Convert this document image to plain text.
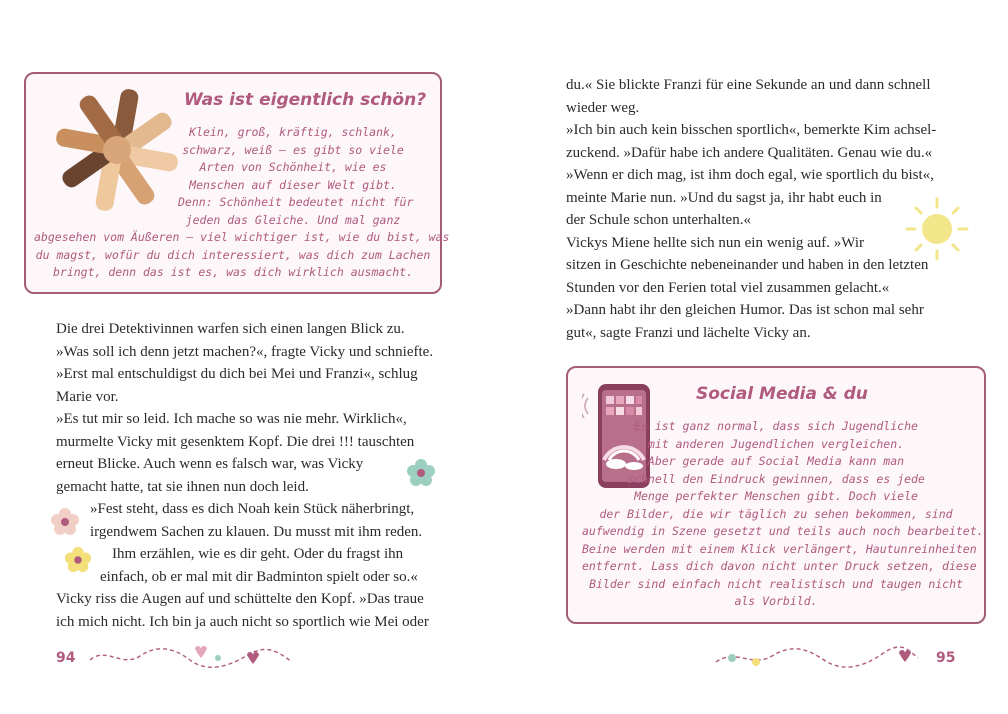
Was ist eigentlich schön?
Klein, groß, kräftig, schlank,
schwarz, weiß – es gibt so viele
Arten von Schönheit, wie es
Menschen auf dieser Welt gibt.
Denn: Schönheit bedeutet nicht für
jeden das Gleiche. Und mal ganz
abgesehen vom Äußeren – viel wichtiger ist, wie du bist, was
du magst, wofür du dich interessiert, was dich zum Lachen
bringt, denn das ist es, was dich wirklich ausmacht.
Die drei Detektivinnen warfen sich einen langen Blick zu.
»Was soll ich denn jetzt machen?«, fragte Vicky und schniefte.
»Erst mal entschuldigst du dich bei Mei und Franzi«, schlug
Marie vor.
»Es tut mir so leid. Ich mache so was nie mehr. Wirklich«,
murmelte Vicky mit gesenktem Kopf. Die drei !!! tauschten
erneut Blicke. Auch wenn es falsch war, was Vicky
gemacht hatte, tat sie ihnen nun doch leid.
»Fest steht, dass es dich Noah kein Stück näherbringt,
irgendwem Sachen zu klauen. Du musst mit ihm reden.
Ihm erzählen, wie es dir geht. Oder du fragst ihn
einfach, ob er mal mit dir Badminton spielt oder so.«
Vicky riss die Augen auf und schüttelte den Kopf. »Das traue
ich mich nicht. Ich bin ja auch nicht so sportlich wie Mei oder
94
du.« Sie blickte Franzi für eine Sekunde an und dann schnell
wieder weg.
»Ich bin auch kein bisschen sportlich«, bemerkte Kim achsel-
zuckend. »Dafür habe ich andere Qualitäten. Genau wie du.«
»Wenn er dich mag, ist ihm doch egal, wie sportlich du bist«,
meinte Marie nun. »Und du sagst ja, ihr habt euch in
der Schule schon unterhalten.«
Vickys Miene hellte sich nun ein wenig auf. »Wir
sitzen in Geschichte nebeneinander und haben in den letzten
Stunden vor den Ferien total viel zusammen gelacht.«
»Dann habt ihr den gleichen Humor. Das ist schon mal sehr
gut«, sagte Franzi und lächelte Vicky an.
Social Media & du
Es ist ganz normal, dass sich Jugendliche
mit anderen Jugendlichen vergleichen.
Aber gerade auf Social Media kann man
schnell den Eindruck gewinnen, dass es jede
Menge perfekter Menschen gibt. Doch viele
der Bilder, die wir täglich zu sehen bekommen, sind
aufwendig in Szene gesetzt und teils auch noch bearbeitet.
Beine werden mit einem Klick verlängert, Hautunreinheiten
entfernt. Lass dich davon nicht unter Druck setzen, diese
Bilder sind einfach nicht realistisch und taugen nicht
als Vorbild.
95
